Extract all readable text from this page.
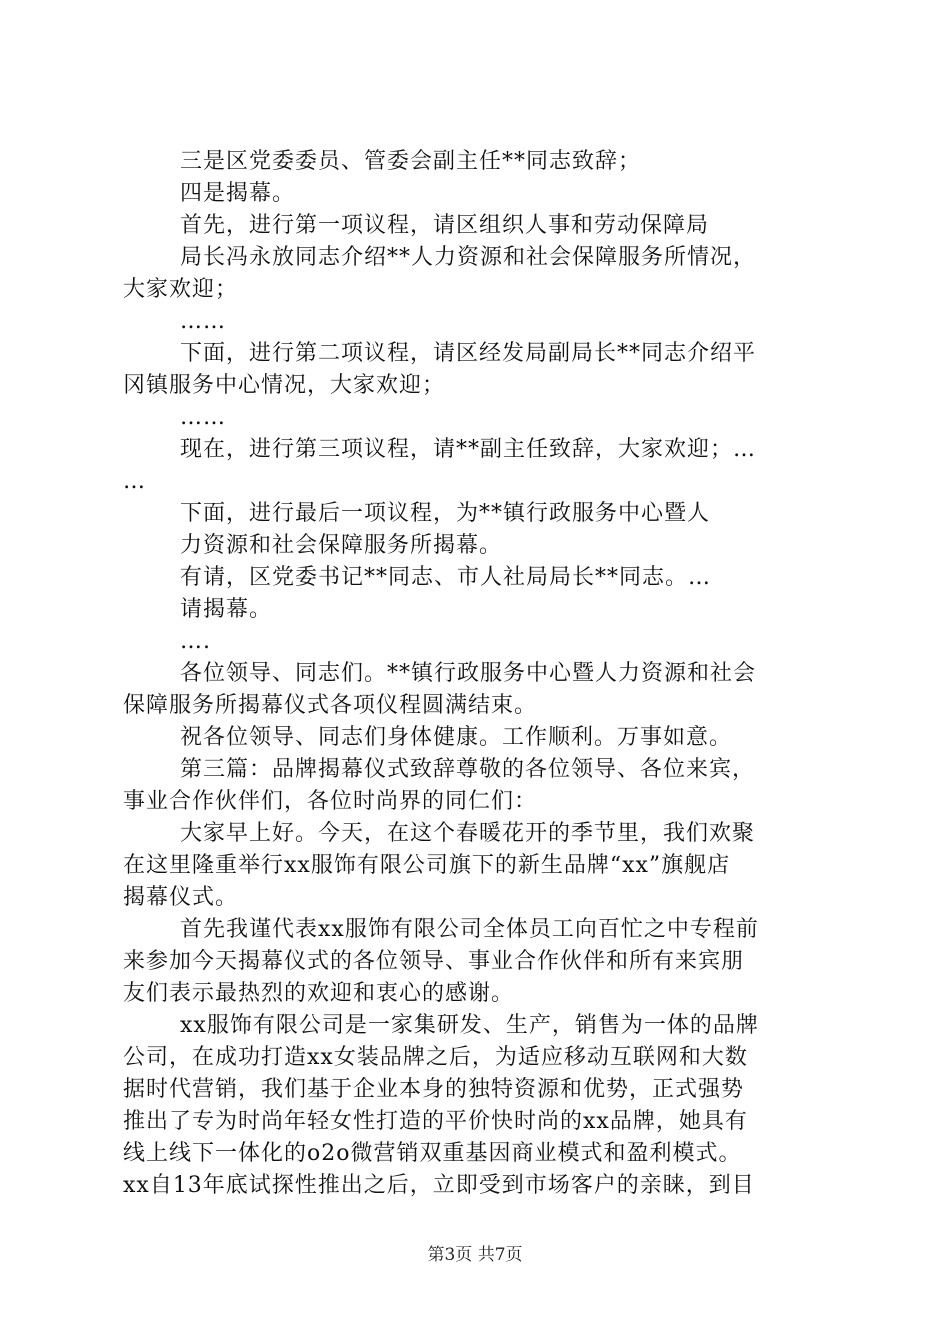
三是区党委委员、管委会副主任**同志致辞；
四是揭幕。
首先，进行第一项议程，请区组织人事和劳动保障局
局长冯永放同志介绍**人力资源和社会保障服务所情况，
大家欢迎；
……
下面，进行第二项议程，请区经发局副局长**同志介绍平
冈镇服务中心情况，大家欢迎；
……
现在，进行第三项议程，请**副主任致辞，大家欢迎；…
…
下面，进行最后一项议程，为**镇行政服务中心暨人
力资源和社会保障服务所揭幕。
有请，区党委书记**同志、市人社局局长**同志。…
请揭幕。
….
各位领导、同志们。**镇行政服务中心暨人力资源和社会
保障服务所揭幕仪式各项仪程圆满结束。
祝各位领导、同志们身体健康。工作顺利。万事如意。
第三篇：品牌揭幕仪式致辞尊敬的各位领导、各位来宾，
事业合作伙伴们，各位时尚界的同仁们：
大家早上好。今天，在这个春暖花开的季节里，我们欢聚
在这里隆重举行xx服饰有限公司旗下的新生品牌“xx”旗舰店
揭幕仪式。
首先我谨代表xx服饰有限公司全体员工向百忙之中专程前
来参加今天揭幕仪式的各位领导、事业合作伙伴和所有来宾朋
友们表示最热烈的欢迎和衷心的感谢。
xx服饰有限公司是一家集研发、生产，销售为一体的品牌
公司，在成功打造xx女装品牌之后，为适应移动互联网和大数
据时代营销，我们基于企业本身的独特资源和优势，正式强势
推出了专为时尚年轻女性打造的平价快时尚的xx品牌，她具有
线上线下一体化的o2o微营销双重基因商业模式和盈利模式。
xx自13年底试探性推出之后，立即受到市场客户的亲睐，到目
第3页 共7页
